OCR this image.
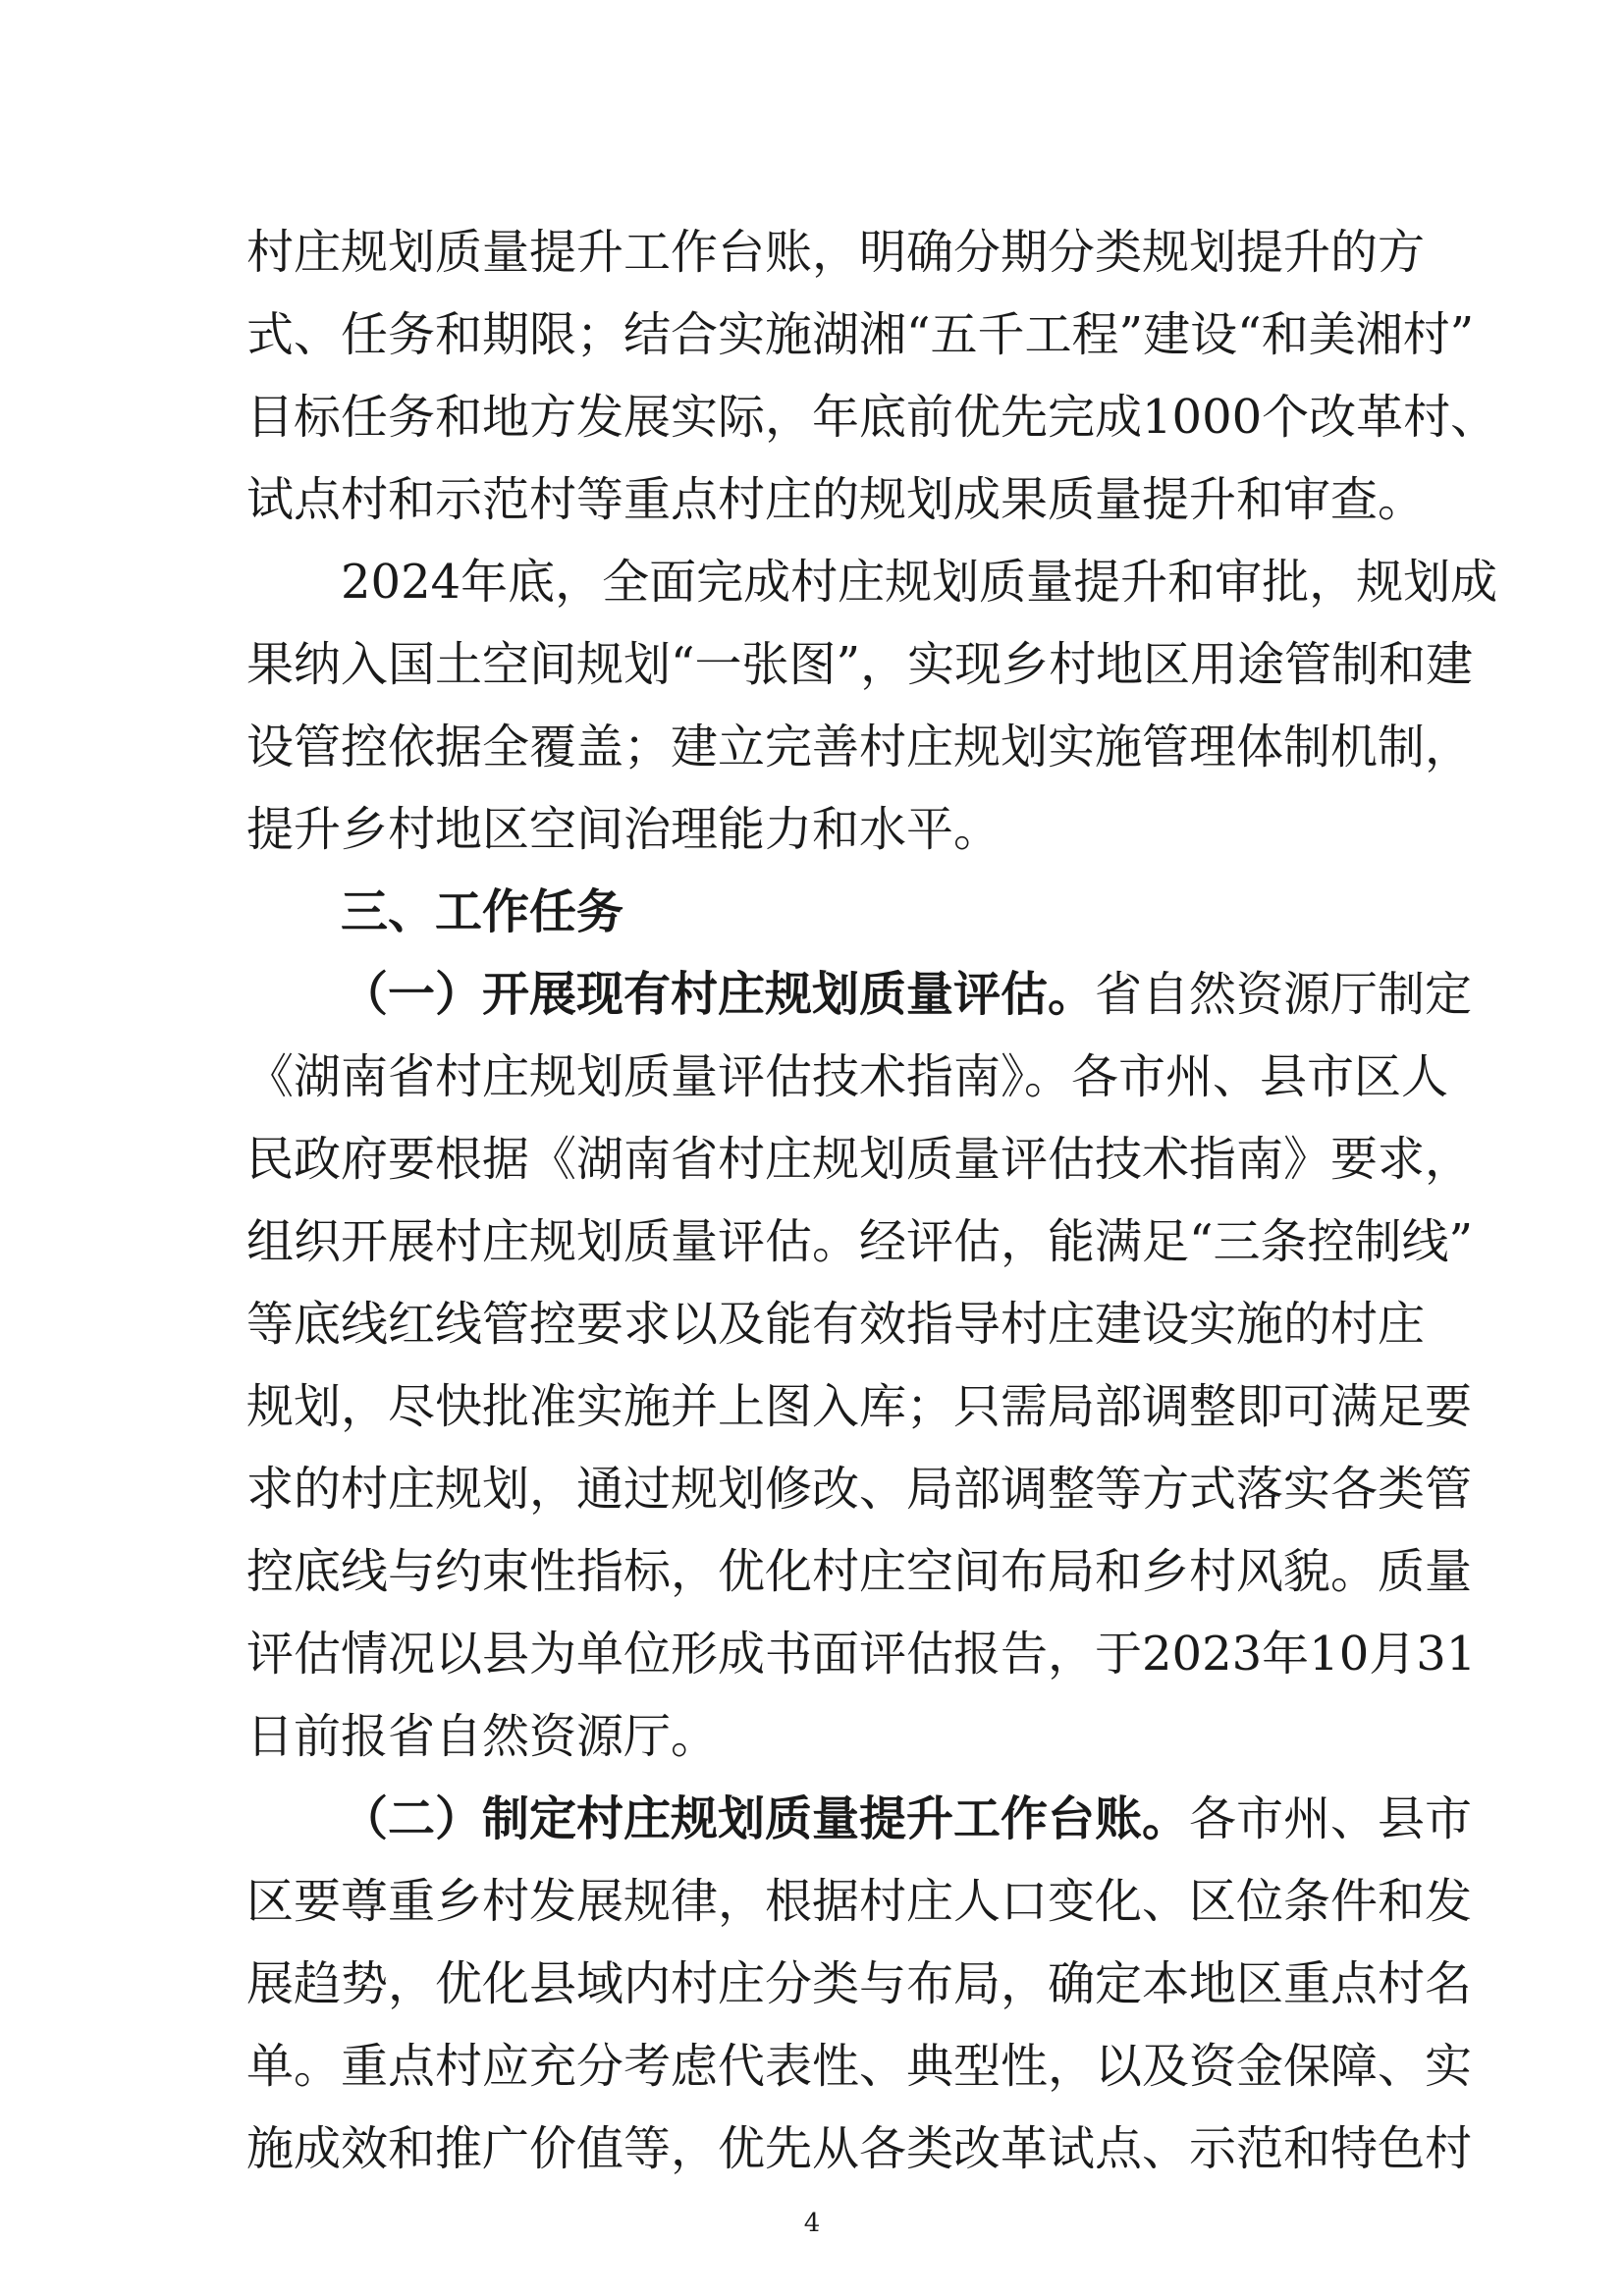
村庄规划质量提升工作台账，明确分期分类规划提升的方
式、任务和期限；结合实施湖湘“五千工程”建设“和美湘村”
目标任务和地方发展实际，年底前优先完成1000个改革村、
试点村和示范村等重点村庄的规划成果质量提升和审查。
2024年底，全面完成村庄规划质量提升和审批，规划成
果纳入国土空间规划“一张图”，实现乡村地区用途管制和建
设管控依据全覆盖；建立完善村庄规划实施管理体制机制，
提升乡村地区空间治理能力和水平。
三、工作任务
（一）开展现有村庄规划质量评估。省自然资源厅制定
《湖南省村庄规划质量评估技术指南》。各市州、县市区人
民政府要根据《湖南省村庄规划质量评估技术指南》要求，
组织开展村庄规划质量评估。经评估，能满足“三条控制线”
等底线红线管控要求以及能有效指导村庄建设实施的村庄
规划，尽快批准实施并上图入库；只需局部调整即可满足要
求的村庄规划，通过规划修改、局部调整等方式落实各类管
控底线与约束性指标，优化村庄空间布局和乡村风貌。质量
评估情况以县为单位形成书面评估报告，于2023年10月31
日前报省自然资源厅。
（二）制定村庄规划质量提升工作台账。各市州、县市
区要尊重乡村发展规律，根据村庄人口变化、区位条件和发
展趋势，优化县域内村庄分类与布局，确定本地区重点村名
单。重点村应充分考虑代表性、典型性，以及资金保障、实
施成效和推广价值等，优先从各类改革试点、示范和特色村
4
